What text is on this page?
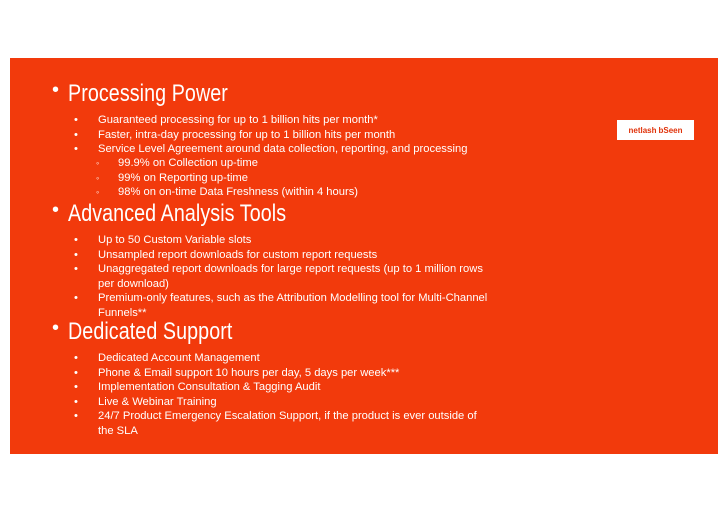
• Processing Power
• Guaranteed processing for up to 1 billion hits per month*
• Faster, intra-day processing for up to 1 billion hits per month
• Service Level Agreement around data collection, reporting, and processing
◦ 99.9% on Collection up-time
◦ 99% on Reporting up-time
◦ 98% on on-time Data Freshness (within 4 hours)
• Advanced Analysis Tools
• Up to 50 Custom Variable slots
• Unsampled report downloads for custom report requests
• Unaggregated report downloads for large report requests (up to 1 million rows
per download)
• Premium-only features, such as the Attribution Modelling tool for Multi-Channel
Funnels**
• Dedicated Support
• Dedicated Account Management
• Phone & Email support 10 hours per day, 5 days per week***
• Implementation Consultation & Tagging Audit
• Live & Webinar Training
• 24/7 Product Emergency Escalation Support, if the product is ever outside of
the SLA
netlash bSeen
